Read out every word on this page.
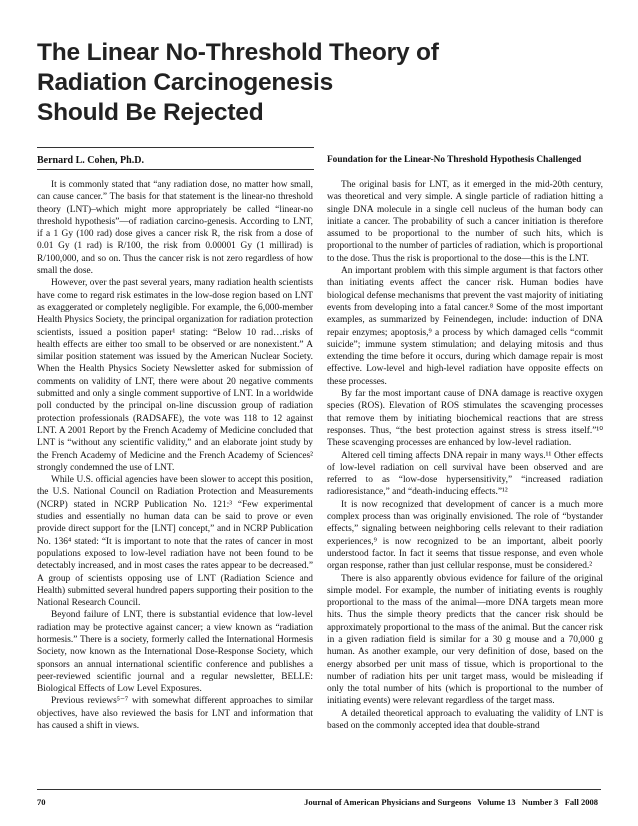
The Linear No-Threshold Theory of
Radiation Carcinogenesis
Should Be Rejected
Bernard L. Cohen, Ph.D.	Foundation for the Linear-No Threshold Hypothesis Challenged

It is commonly stated that “any radiation dose, no matter how small, can cause cancer.” The basis for that statement is the linear-no threshold theory (LNT)–which might more appropriately be called “linear-no threshold hypothesis”—of radiation carcino-genesis. According to LNT, if a 1 Gy (100 rad) dose gives a cancer risk R, the risk from a dose of 0.01 Gy (1 rad) is R/100, the risk from 0.00001 Gy (1 millirad) is R/100,000, and so on. Thus the cancer risk is not zero regardless of how small the dose.

However, over the past several years, many radiation health scientists have come to regard risk estimates in the low-dose region based on LNT as exaggerated or completely negligible. For example, the 6,000-member Health Physics Society, the principal organization for radiation protection scientists, issued a position paper¹ stating: “Below 10 rad…risks of health effects are either too small to be observed or are nonexistent.” A similar position statement was issued by the American Nuclear Society. When the Health Physics Society Newsletter asked for submission of comments on validity of LNT, there were about 20 negative comments submitted and only a single comment supportive of LNT. In a worldwide poll conducted by the principal on-line discussion group of radiation protection professionals (RADSAFE), the vote was 118 to 12 against LNT. A 2001 Report by the French Academy of Medicine concluded that LNT is “without any scientific validity,” and an elaborate joint study by the French Academy of Medicine and the French Academy of Sciences² strongly condemned the use of LNT.

While U.S. official agencies have been slower to accept this position, the U.S. National Council on Radiation Protection and Measurements (NCRP) stated in NCRP Publication No. 121:³ “Few experimental studies and essentially no human data can be said to prove or even provide direct support for the [LNT] concept,” and in NCRP Publication No. 136⁴ stated: “It is important to note that the rates of cancer in most populations exposed to low-level radiation have not been found to be detectably increased, and in most cases the rates appear to be decreased.” A group of scientists opposing use of LNT (Radiation Science and Health) submitted several hundred papers supporting their position to the National Research Council.

Beyond failure of LNT, there is substantial evidence that low-level radiation may be protective against cancer; a view known as “radiation hormesis.” There is a society, formerly called the International Hormesis Society, now known as the International Dose-Response Society, which sponsors an annual international scientific conference and publishes a peer-reviewed scientific journal and a regular newsletter, BELLE: Biological Effects of Low Level Exposures.

Previous reviews⁵⁻⁷ with somewhat different approaches to similar objectives, have also reviewed the basis for LNT and information that has caused a shift in views.

The original basis for LNT, as it emerged in the mid-20th century, was theoretical and very simple. A single particle of radiation hitting a single DNA molecule in a single cell nucleus of the human body can initiate a cancer. The probability of such a cancer initiation is therefore assumed to be proportional to the number of such hits, which is proportional to the number of particles of radiation, which is proportional to the dose. Thus the risk is proportional to the dose—this is the LNT.

An important problem with this simple argument is that factors other than initiating events affect the cancer risk. Human bodies have biological defense mechanisms that prevent the vast majority of initiating events from developing into a fatal cancer.⁸ Some of the most important examples, as summarized by Feinendegen, include: induction of DNA repair enzymes; apoptosis,⁹ a process by which damaged cells “commit suicide”; immune system stimulation; and delaying mitosis and thus extending the time before it occurs, during which damage repair is most effective. Low-level and high-level radiation have opposite effects on these processes.

By far the most important cause of DNA damage is reactive oxygen species (ROS). Elevation of ROS stimulates the scavenging processes that remove them by initiating biochemical reactions that are stress responses. Thus, “the best protection against stress is stress itself.”¹⁰ These scavenging processes are enhanced by low-level radiation.

Altered cell timing affects DNA repair in many ways.¹¹ Other effects of low-level radiation on cell survival have been observed and are referred to as “low-dose hypersensitivity,” “increased radiation radioresistance,” and “death-inducing effects.”¹²

It is now recognized that development of cancer is a much more complex process than was originally envisioned. The role of “bystander effects,” signaling between neighboring cells relevant to their radiation experiences,⁹ is now recognized to be an important, albeit poorly understood factor. In fact it seems that tissue response, and even whole organ response, rather than just cellular response, must be considered.²

There is also apparently obvious evidence for failure of the original simple model. For example, the number of initiating events is roughly proportional to the mass of the animal—more DNA targets mean more hits. Thus the simple theory predicts that the cancer risk should be approximately proportional to the mass of the animal. But the cancer risk in a given radiation field is similar for a 30 g mouse and a 70,000 g human. As another example, our very definition of dose, based on the energy absorbed per unit mass of tissue, which is proportional to the number of radiation hits per unit target mass, would be misleading if only the total number of hits (which is proportional to the number of initiating events) were relevant regardless of the target mass.

A detailed theoretical approach to evaluating the validity of LNT is based on the commonly accepted idea that double-strand

70	Journal of American Physicians and Surgeons   Volume 13   Number 3   Fall 2008
